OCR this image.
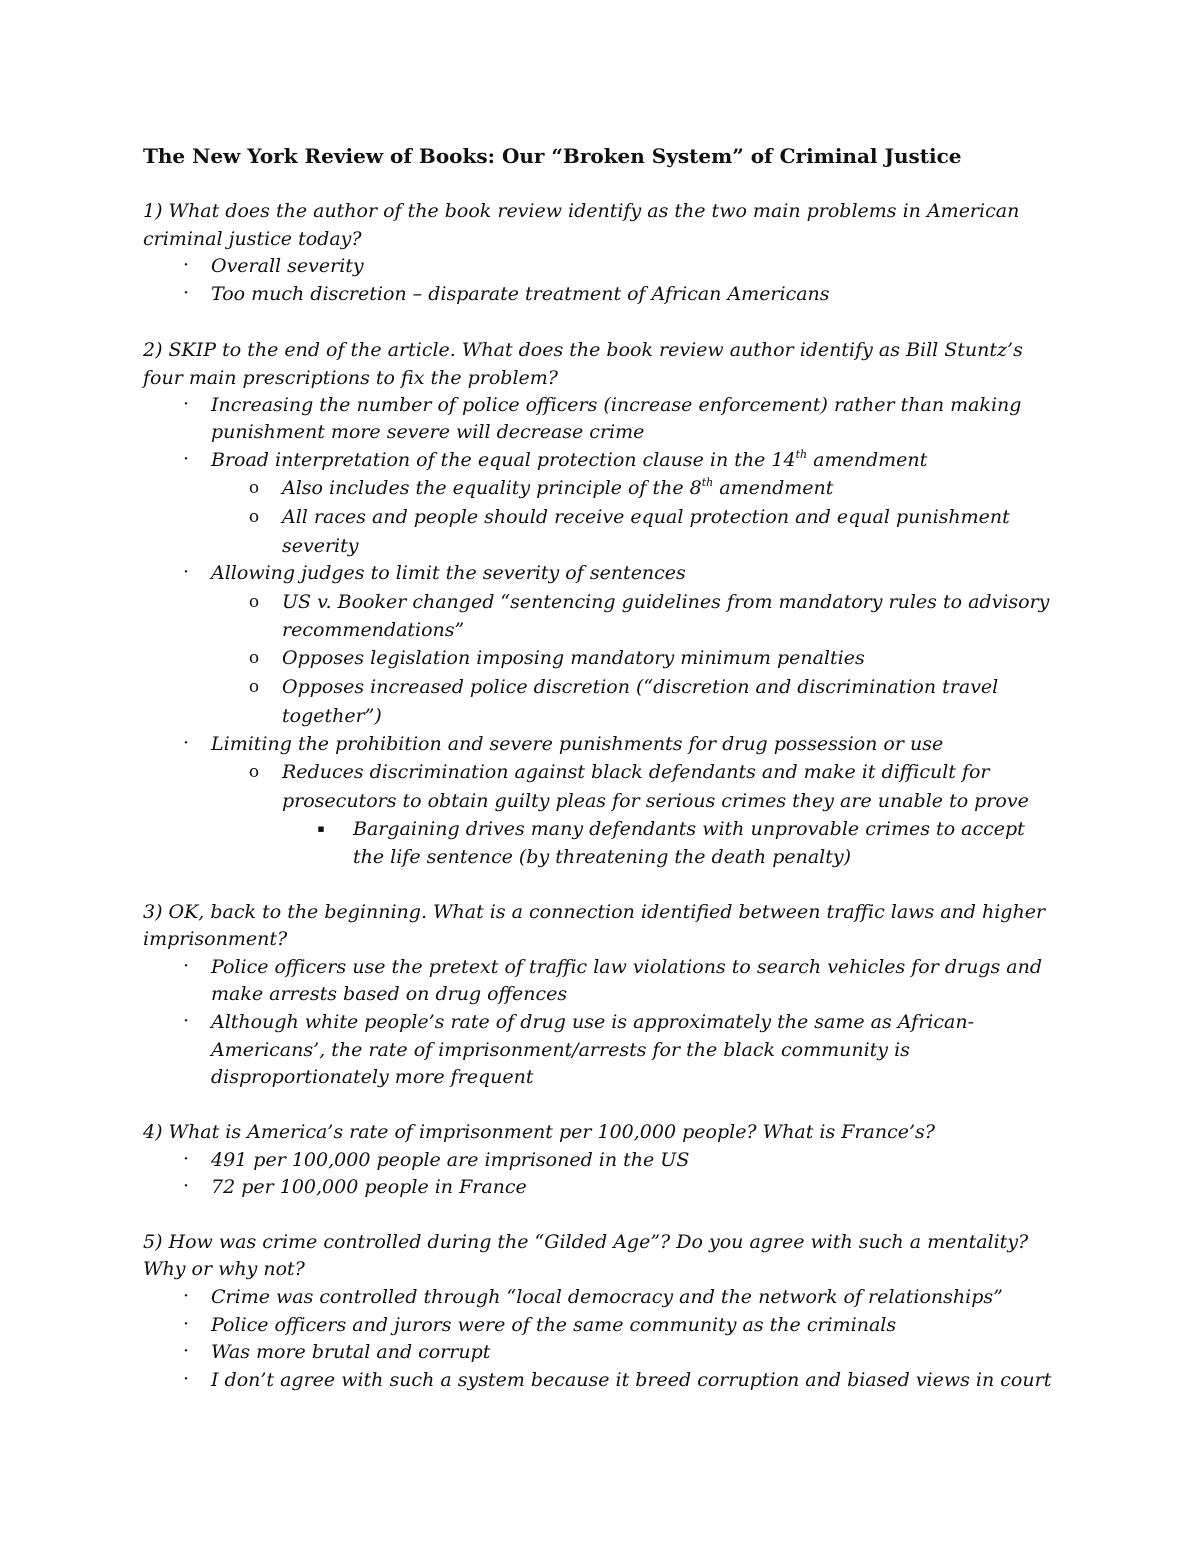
The New York Review of Books: Our “Broken System” of Criminal Justice
1) What does the author of the book review identify as the two main problems in American
criminal justice today?
·	Overall severity
·	Too much discretion – disparate treatment of African Americans
2) SKIP to the end of the article. What does the book review author identify as Bill Stuntz’s
four main prescriptions to fix the problem?
·	Increasing the number of police officers (increase enforcement) rather than making
punishment more severe will decrease crime
·	Broad interpretation of the equal protection clause in the 14th amendment
o Also includes the equality principle of the 8th amendment
o All races and people should receive equal protection and equal punishment
severity
·	Allowing judges to limit the severity of sentences
o US v. Booker changed “sentencing guidelines from mandatory rules to advisory
recommendations”
o Opposes legislation imposing mandatory minimum penalties
o Opposes increased police discretion (“discretion and discrimination travel
together”)
·	Limiting the prohibition and severe punishments for drug possession or use
o Reduces discrimination against black defendants and make it difficult for
prosecutors to obtain guilty pleas for serious crimes they are unable to prove
▪ Bargaining drives many defendants with unprovable crimes to accept
the life sentence (by threatening the death penalty)
3) OK, back to the beginning. What is a connection identified between traffic laws and higher
imprisonment?
·	Police officers use the pretext of traffic law violations to search vehicles for drugs and
make arrests based on drug offences
·	Although white people’s rate of drug use is approximately the same as African-
Americans’, the rate of imprisonment/arrests for the black community is
disproportionately more frequent
4) What is America’s rate of imprisonment per 100,000 people? What is France’s?
·	491 per 100,000 people are imprisoned in the US
·	72 per 100,000 people in France
5) How was crime controlled during the “Gilded Age”? Do you agree with such a mentality?
Why or why not?
·	Crime was controlled through “local democracy and the network of relationships”
·	Police officers and jurors were of the same community as the criminals
·	Was more brutal and corrupt
·	I don’t agree with such a system because it breed corruption and biased views in court
